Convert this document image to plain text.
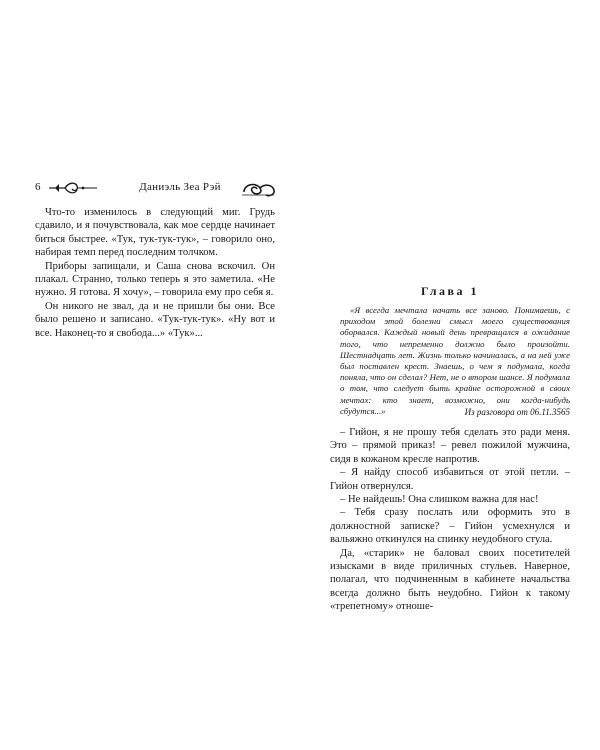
6	Даниэль Зеа Рэй

Что-то изменилось в следующий миг. Грудь сдавило, и я почувствовала, как мое сердце начинает биться быстрее. «Тук, тук-тук-тук», – говорило оно, набирая темп перед последним толчком.

Приборы запищали, и Саша снова вскочил. Он плакал. Странно, только теперь я это заметила. «Не нужно. Я готова. Я хочу», – говорила ему про себя я.

Он никого не звал, да и не пришли бы они. Все было решено и записано. «Тук-тук-тук». «Ну вот и все. Наконец-то я свобода...» «Тук»...

Глава 1

«Я всегда мечтала начать все заново. Понимаешь, с приходом этой болезни смысл моего существования оборвался. Каждый новый день превращался в ожидание того, что непременно должно было произойти. Шестнадцать лет. Жизнь только начиналась, а на ней уже был поставлен крест. Знаешь, о чем я подумала, когда поняла, что он сделал? Нет, не о втором шансе. Я подумала о том, что следует быть крайне осторожной в своих мечтах: кто знает, возможно, они когда-нибудь сбудутся...»	Из разговора от 06.11.3565

– Гийон, я не прошу тебя сделать это ради меня. Это – прямой приказ! – ревел пожилой мужчина, сидя в кожаном кресле напротив.

– Я найду способ избавиться от этой петли. – Гийон отвернулся.

– Не найдешь! Она слишком важна для нас!

– Тебя сразу послать или оформить это в должностной записке? – Гийон усмехнулся и вальяжно откинулся на спинку неудобного стула.

Да, «старик» не баловал своих посетителей изысками в виде приличных стульев. Наверное, полагал, что подчиненным в кабинете начальства всегда должно быть неудобно. Гийон к такому «трепетному» отноше-
